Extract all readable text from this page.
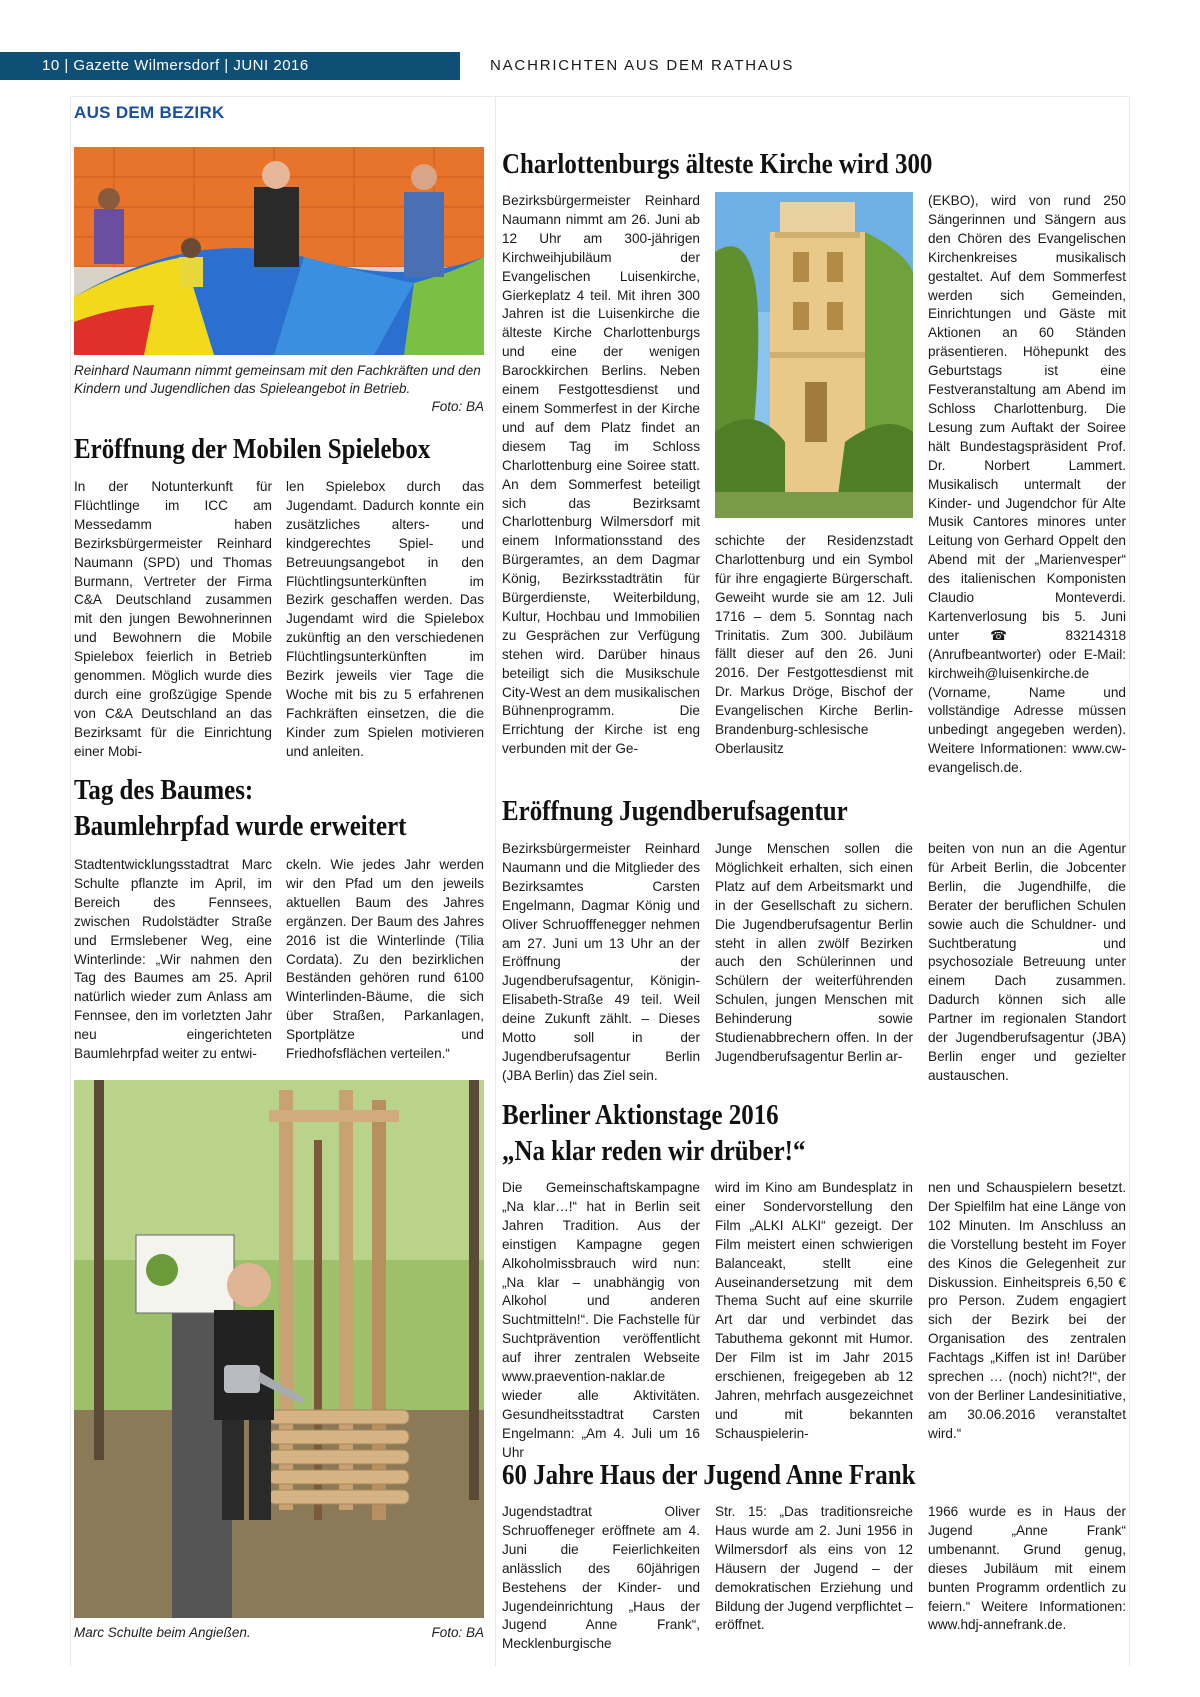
10 | Gazette Wilmersdorf | JUNI 2016	NACHRICHTEN AUS DEM RATHAUS
AUS DEM BEZIRK
Reinhard Naumann nimmt gemeinsam mit den Fachkräften und den Kindern und Jugendlichen das Spieleangebot in Betrieb.
Foto: BA
Eröffnung der Mobilen Spielebox
In der Notunterkunft für Flüchtlinge im ICC am Messedamm haben Bezirksbürgermeister Reinhard Naumann (SPD) und Thomas Burmann, Vertreter der Firma C&A Deutschland zusammen mit den jungen Bewohnerinnen und Bewohnern die Mobile Spielebox feierlich in Betrieb genommen. Möglich wurde dies durch eine großzügige Spende von C&A Deutschland an das Bezirksamt für die Einrichtung einer Mobi-
len Spielebox durch das Jugendamt. Dadurch konnte ein zusätzliches alters- und kindgerechtes Spiel- und Betreuungsangebot in den Flüchtlingsunterkünften im Bezirk geschaffen werden. Das Jugendamt wird die Spielebox zukünftig an den verschiedenen Flüchtlingsunterkünften im Bezirk jeweils vier Tage die Woche mit bis zu 5 erfahrenen Fachkräften einsetzen, die die Kinder zum Spielen motivieren und anleiten.
Charlottenburgs älteste Kirche wird 300
Bezirksbürgermeister Reinhard Naumann nimmt am 26. Juni ab 12 Uhr am 300-jährigen Kirchweihjubiläum der Evangelischen Luisenkirche, Gierkeplatz 4 teil. Mit ihren 300 Jahren ist die Luisenkirche die älteste Kirche Charlottenburgs und eine der wenigen Barockkirchen Berlins. Neben einem Festgottesdienst und einem Sommerfest in der Kirche und auf dem Platz findet an diesem Tag im Schloss Charlottenburg eine Soiree statt. An dem Sommerfest beteiligt sich das Bezirksamt Charlottenburg Wilmersdorf mit einem Informationsstand des Bürgeramtes, an dem Dagmar König, Bezirksstadträtin für Bürgerdienste, Weiterbildung, Kultur, Hochbau und Immobilien zu Gesprächen zur Verfügung stehen wird. Darüber hinaus beteiligt sich die Musikschule City-West an dem musikalischen Bühnenprogramm. Die Errichtung der Kirche ist eng verbunden mit der Ge-
schichte der Residenzstadt Charlottenburg und ein Symbol für ihre engagierte Bürgerschaft. Geweiht wurde sie am 12. Juli 1716 – dem 5. Sonntag nach Trinitatis. Zum 300. Jubiläum fällt dieser auf den 26. Juni 2016. Der Festgottesdienst mit Dr. Markus Dröge, Bischof der Evangelischen Kirche Berlin-Brandenburg-schlesische Oberlausitz
(EKBO), wird von rund 250 Sängerinnen und Sängern aus den Chören des Evangelischen Kirchenkreises musikalisch gestaltet. Auf dem Sommerfest werden sich Gemeinden, Einrichtungen und Gäste mit Aktionen an 60 Ständen präsentieren. Höhepunkt des Geburtstags ist eine Festveranstaltung am Abend im Schloss Charlottenburg. Die Lesung zum Auftakt der Soiree hält Bundestagspräsident Prof. Dr. Norbert Lammert. Musikalisch untermalt der Kinder- und Jugendchor für Alte Musik Cantores minores unter Leitung von Gerhard Oppelt den Abend mit der „Marienvesper“ des italienischen Komponisten Claudio Monteverdi. Kartenverlosung bis 5. Juni unter ☎ 83214318 (Anrufbeantworter) oder E-Mail: kirchweih@luisenkirche.de (Vorname, Name und vollständige Adresse müssen unbedingt angegeben werden). Weitere Informationen: www.cw-evangelisch.de.
Tag des Baumes:
Baumlehrpfad wurde erweitert
Stadtentwicklungsstadtrat Marc Schulte pflanzte im April, im Bereich des Fennsees, zwischen Rudolstädter Straße und Ermslebener Weg, eine Winterlinde: „Wir nahmen den Tag des Baumes am 25. April natürlich wieder zum Anlass am Fennsee, den im vorletzten Jahr neu eingerichteten Baumlehrpfad weiter zu entwi-
ckeln. Wie jedes Jahr werden wir den Pfad um den jeweils aktuellen Baum des Jahres ergänzen. Der Baum des Jahres 2016 ist die Winterlinde (Tilia Cordata). Zu den bezirklichen Beständen gehören rund 6100 Winterlinden-Bäume, die sich über Straßen, Parkanlagen, Sportplätze und Friedhofsflächen verteilen.“
Marc Schulte beim Angießen.	Foto: BA
Eröffnung Jugendberufsagentur
Bezirksbürgermeister Reinhard Naumann und die Mitglieder des Bezirksamtes Carsten Engelmann, Dagmar König und Oliver Schruofffenegger nehmen am 27. Juni um 13 Uhr an der Eröffnung der Jugendberufsagentur, Königin-Elisabeth-Straße 49 teil. Weil deine Zukunft zählt. – Dieses Motto soll in der Jugendberufsagentur Berlin (JBA Berlin) das Ziel sein.
Junge Menschen sollen die Möglichkeit erhalten, sich einen Platz auf dem Arbeitsmarkt und in der Gesellschaft zu sichern. Die Jugendberufsagentur Berlin steht in allen zwölf Bezirken auch den Schülerinnen und Schülern der weiterführenden Schulen, jungen Menschen mit Behinderung sowie Studienabbrechern offen. In der Jugendberufsagentur Berlin ar-
beiten von nun an die Agentur für Arbeit Berlin, die Jobcenter Berlin, die Jugendhilfe, die Berater der beruflichen Schulen sowie auch die Schuldner- und Suchtberatung und psychosoziale Betreuung unter einem Dach zusammen. Dadurch können sich alle Partner im regionalen Standort der Jugendberufsagentur (JBA) Berlin enger und gezielter austauschen.
Berliner Aktionstage 2016
„Na klar reden wir drüber!“
Die Gemeinschaftskampagne „Na klar…!“ hat in Berlin seit Jahren Tradition. Aus der einstigen Kampagne gegen Alkoholmissbrauch wird nun: „Na klar – unabhängig von Alkohol und anderen Suchtmitteln!“. Die Fachstelle für Suchtprävention veröffentlicht auf ihrer zentralen Webseite www.praevention-naklar.de wieder alle Aktivitäten. Gesundheitsstadtrat Carsten Engelmann: „Am 4. Juli um 16 Uhr
wird im Kino am Bundesplatz in einer Sondervorstellung den Film „ALKI ALKI“ gezeigt. Der Film meistert einen schwierigen Balanceakt, stellt eine Auseinandersetzung mit dem Thema Sucht auf eine skurrile Art dar und verbindet das Tabuthema gekonnt mit Humor. Der Film ist im Jahr 2015 erschienen, freigegeben ab 12 Jahren, mehrfach ausgezeichnet und mit bekannten Schauspielerin-
nen und Schauspielern besetzt. Der Spielfilm hat eine Länge von 102 Minuten. Im Anschluss an die Vorstellung besteht im Foyer des Kinos die Gelegenheit zur Diskussion. Einheitspreis 6,50 € pro Person. Zudem engagiert sich der Bezirk bei der Organisation des zentralen Fachtags „Kiffen ist in! Darüber sprechen … (noch) nicht?!“, der von der Berliner Landesinitiative, am 30.06.2016 veranstaltet wird.“
60 Jahre Haus der Jugend Anne Frank
Jugendstadtrat Oliver Schruoffeneger eröffnete am 4. Juni die Feierlichkeiten anlässlich des 60jährigen Bestehens der Kinder- und Jugendeinrichtung „Haus der Jugend Anne Frank“, Mecklenburgische
Str. 15: „Das traditionsreiche Haus wurde am 2. Juni 1956 in Wilmersdorf als eins von 12 Häusern der Jugend – der demokratischen Erziehung und Bildung der Jugend verpflichtet – eröffnet.
1966 wurde es in Haus der Jugend „Anne Frank“ umbenannt. Grund genug, dieses Jubiläum mit einem bunten Programm ordentlich zu feiern.“ Weitere Informationen: www.hdj-annefrank.de.
